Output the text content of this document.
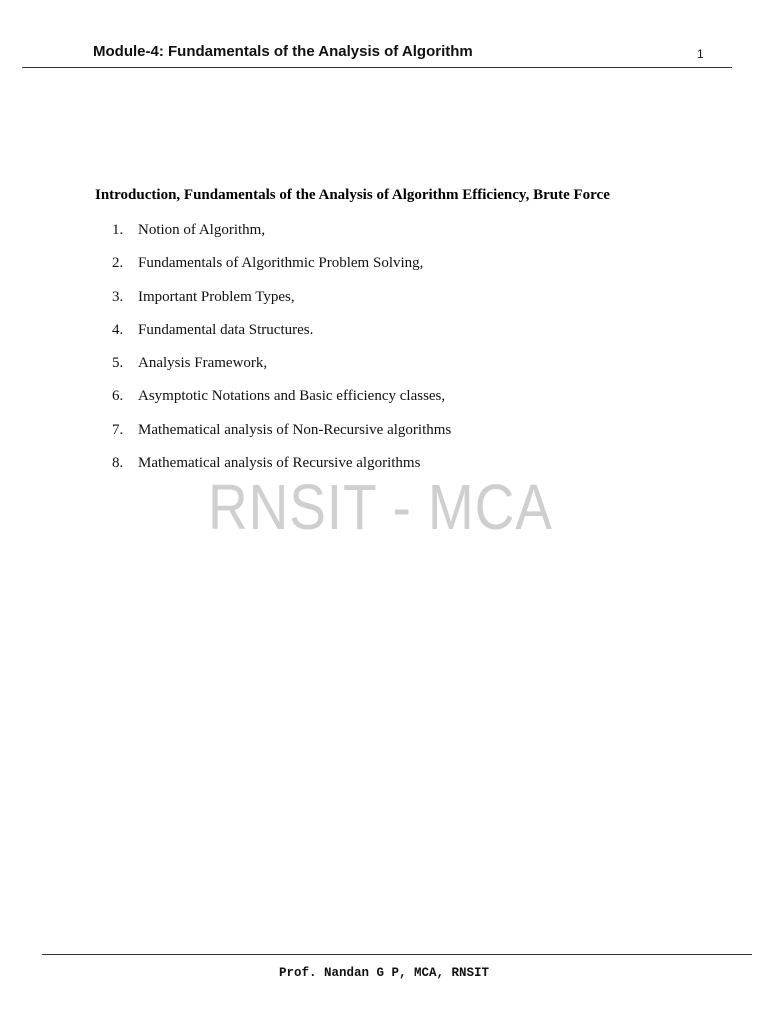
Module-4: Fundamentals of the Analysis of Algorithm	1
Introduction, Fundamentals of the Analysis of Algorithm Efficiency, Brute Force
1. Notion of Algorithm,
2. Fundamentals of Algorithmic Problem Solving,
3. Important Problem Types,
4. Fundamental data Structures.
5. Analysis Framework,
6. Asymptotic Notations and Basic efficiency classes,
7. Mathematical analysis of Non-Recursive algorithms
8. Mathematical analysis of Recursive algorithms
RNSIT - MCA
Prof. Nandan G P, MCA, RNSIT
